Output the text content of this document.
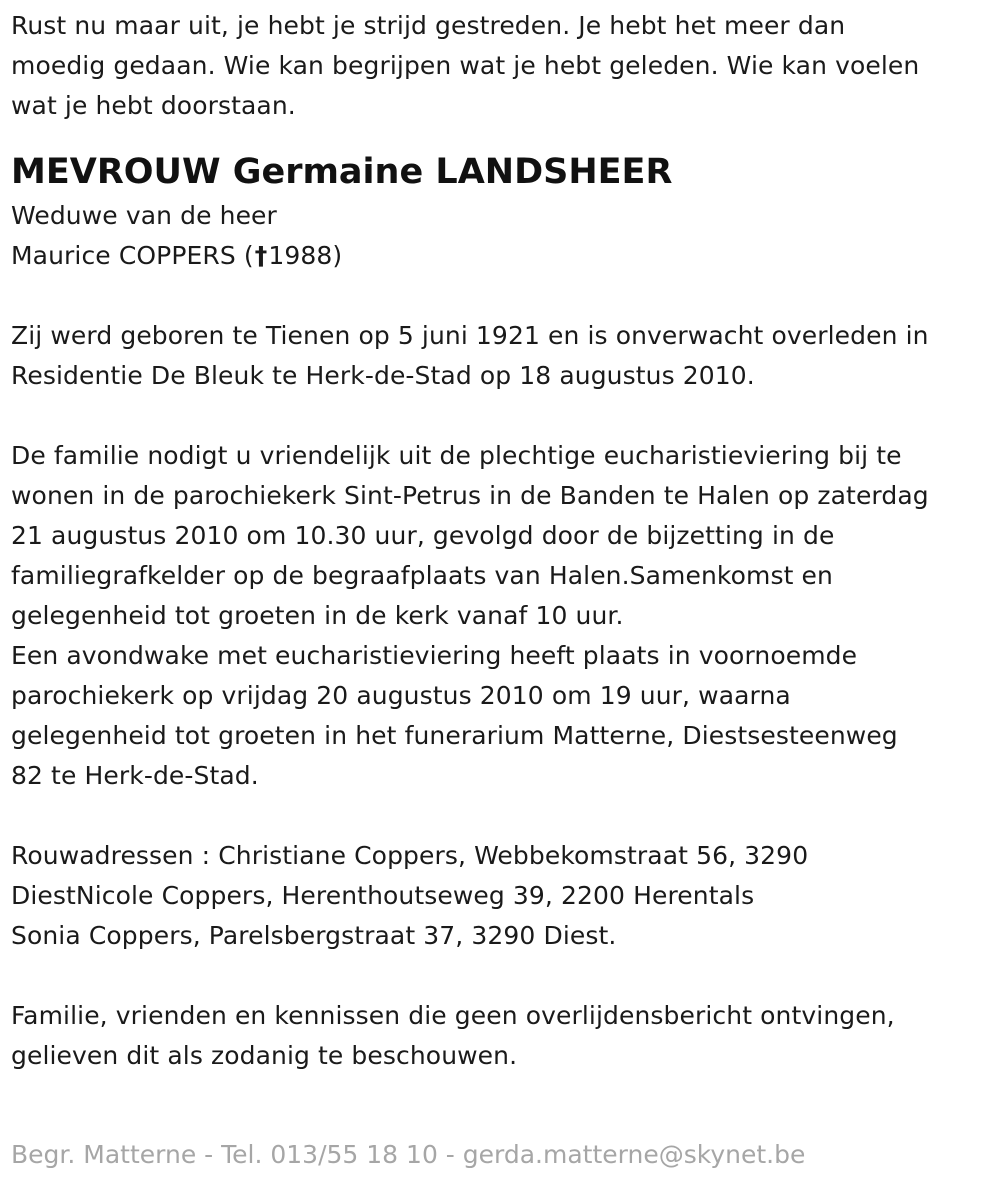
Rust nu maar uit, je hebt je strijd gestreden. Je hebt het meer dan
moedig gedaan. Wie kan begrijpen wat je hebt geleden. Wie kan voelen
wat je hebt doorstaan.
MEVROUW Germaine LANDSHEER
Weduwe van de heer
Maurice COPPERS (†1988)
Zij werd geboren te Tienen op 5 juni 1921 en is onverwacht overleden in
Residentie De Bleuk te Herk-de-Stad op 18 augustus 2010.
De familie nodigt u vriendelijk uit de plechtige eucharistieviering bij te
wonen in de parochiekerk Sint-Petrus in de Banden te Halen op zaterdag
21 augustus 2010 om 10.30 uur, gevolgd door de bijzetting in de
familiegrafkelder op de begraafplaats van Halen.Samenkomst en
gelegenheid tot groeten in de kerk vanaf 10 uur.
Een avondwake met eucharistieviering heeft plaats in voornoemde
parochiekerk op vrijdag 20 augustus 2010 om 19 uur, waarna
gelegenheid tot groeten in het funerarium Matterne, Diestsesteenweg
82 te Herk-de-Stad.
Rouwadressen : Christiane Coppers, Webbekomstraat 56, 3290
DiestNicole Coppers, Herenthoutseweg 39, 2200 Herentals
Sonia Coppers, Parelsbergstraat 37, 3290 Diest.
Familie, vrienden en kennissen die geen overlijdensbericht ontvingen,
gelieven dit als zodanig te beschouwen.
Begr. Matterne - Tel. 013/55 18 10 - gerda.matterne@skynet.be
